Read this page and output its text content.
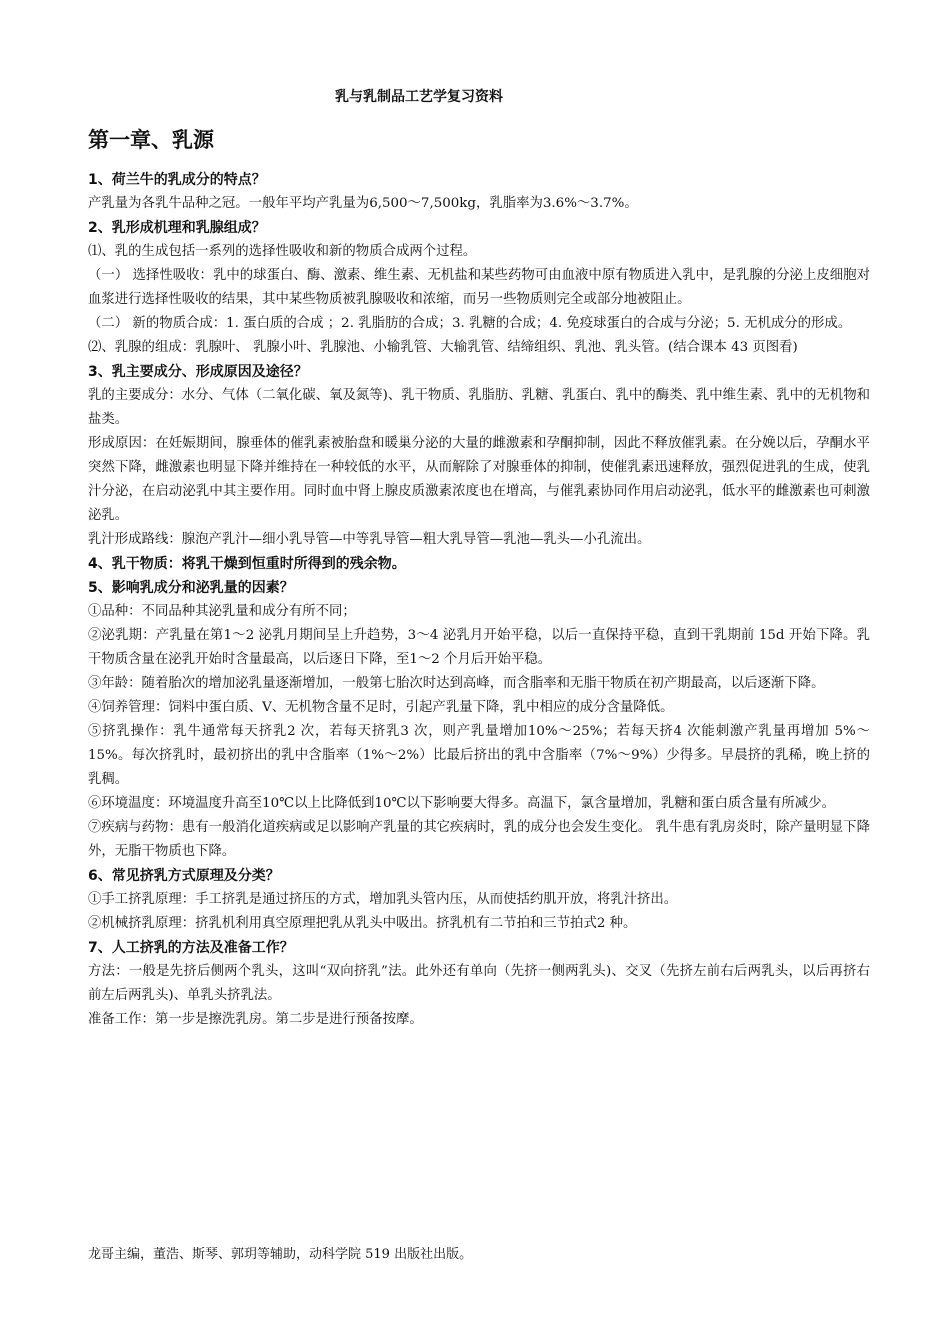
乳与乳制品工艺学复习资料
第一章、乳源
1、荷兰牛的乳成分的特点？
产乳量为各乳牛品种之冠。一般年平均产乳量为6,500～7,500kg，乳脂率为3.6%～3.7%。
2、乳形成机理和乳腺组成？
⑴、乳的生成包括一系列的选择性吸收和新的物质合成两个过程。
（一） 选择性吸收：乳中的球蛋白、酶、激素、维生素、无机盐和某些药物可由血液中原有物质进入乳中，是乳腺的分泌上皮细胞对血浆进行选择性吸收的结果，其中某些物质被乳腺吸收和浓缩，而另一些物质则完全或部分地被阻止。
（二） 新的物质合成：1. 蛋白质的合成 ；2. 乳脂肪的合成；3. 乳糖的合成；4. 免疫球蛋白的合成与分泌；5. 无机成分的形成。
⑵、乳腺的组成：乳腺叶、 乳腺小叶、乳腺池、小输乳管、大输乳管、结缔组织、乳池、乳头管。(结合课本 43 页图看)
3、乳主要成分、形成原因及途径？
乳的主要成分：水分、气体（二氧化碳、氧及氮等)、乳干物质、乳脂肪、乳糖、乳蛋白、乳中的酶类、乳中维生素、乳中的无机物和盐类。
形成原因：在妊娠期间，腺垂体的催乳素被胎盘和暖巢分泌的大量的雌激素和孕酮抑制，因此不释放催乳素。在分娩以后，孕酮水平突然下降，雌激素也明显下降并维持在一种较低的水平，从而解除了对腺垂体的抑制，使催乳素迅速释放，强烈促进乳的生成，使乳汁分泌，在启动泌乳中其主要作用。同时血中肾上腺皮质激素浓度也在增高，与催乳素协同作用启动泌乳，低水平的雌激素也可刺激泌乳。
乳汁形成路线：腺泡产乳汁—细小乳导管—中等乳导管—粗大乳导管—乳池—乳头—小孔流出。
4、乳干物质：将乳干燥到恒重时所得到的残余物。
5、影响乳成分和泌乳量的因素？
①品种：不同品种其泌乳量和成分有所不同；
②泌乳期：产乳量在第1～2 泌乳月期间呈上升趋势，3～4 泌乳月开始平稳，以后一直保持平稳，直到干乳期前 15d 开始下降。乳干物质含量在泌乳开始时含量最高，以后逐日下降，至1～2 个月后开始平稳。
③年龄：随着胎次的增加泌乳量逐渐增加，一般第七胎次时达到高峰，而含脂率和无脂干物质在初产期最高，以后逐渐下降。
④饲养管理：饲料中蛋白质、V、无机物含量不足时，引起产乳量下降，乳中相应的成分含量降低。
⑤挤乳操作：乳牛通常每天挤乳2 次，若每天挤乳3 次，则产乳量增加10%～25%；若每天挤4 次能刺激产乳量再增加 5%～15%。每次挤乳时，最初挤出的乳中含脂率（1%～2%）比最后挤出的乳中含脂率（7%～9%）少得多。早晨挤的乳稀，晚上挤的乳稠。
⑥环境温度：环境温度升高至10℃以上比降低到10℃以下影响要大得多。高温下，氯含量增加，乳糖和蛋白质含量有所减少。
⑦疾病与药物：患有一般消化道疾病或足以影响产乳量的其它疾病时，乳的成分也会发生变化。 乳牛患有乳房炎时，除产量明显下降外，无脂干物质也下降。
6、常见挤乳方式原理及分类？
①手工挤乳原理：手工挤乳是通过挤压的方式，增加乳头管内压，从而使括约肌开放，将乳汁挤出。
②机械挤乳原理：挤乳机利用真空原理把乳从乳头中吸出。挤乳机有二节拍和三节拍式2 种。
7、人工挤乳的方法及准备工作？
方法：一般是先挤后侧两个乳头，这叫“双向挤乳”法。此外还有单向（先挤一侧两乳头)、交叉（先挤左前右后两乳头，以后再挤右前左后两乳头)、单乳头挤乳法。
准备工作：第一步是擦洗乳房。第二步是进行预备按摩。
龙哥主编，董浩、斯琴、郭玥等辅助，动科学院 519 出版社出版。
